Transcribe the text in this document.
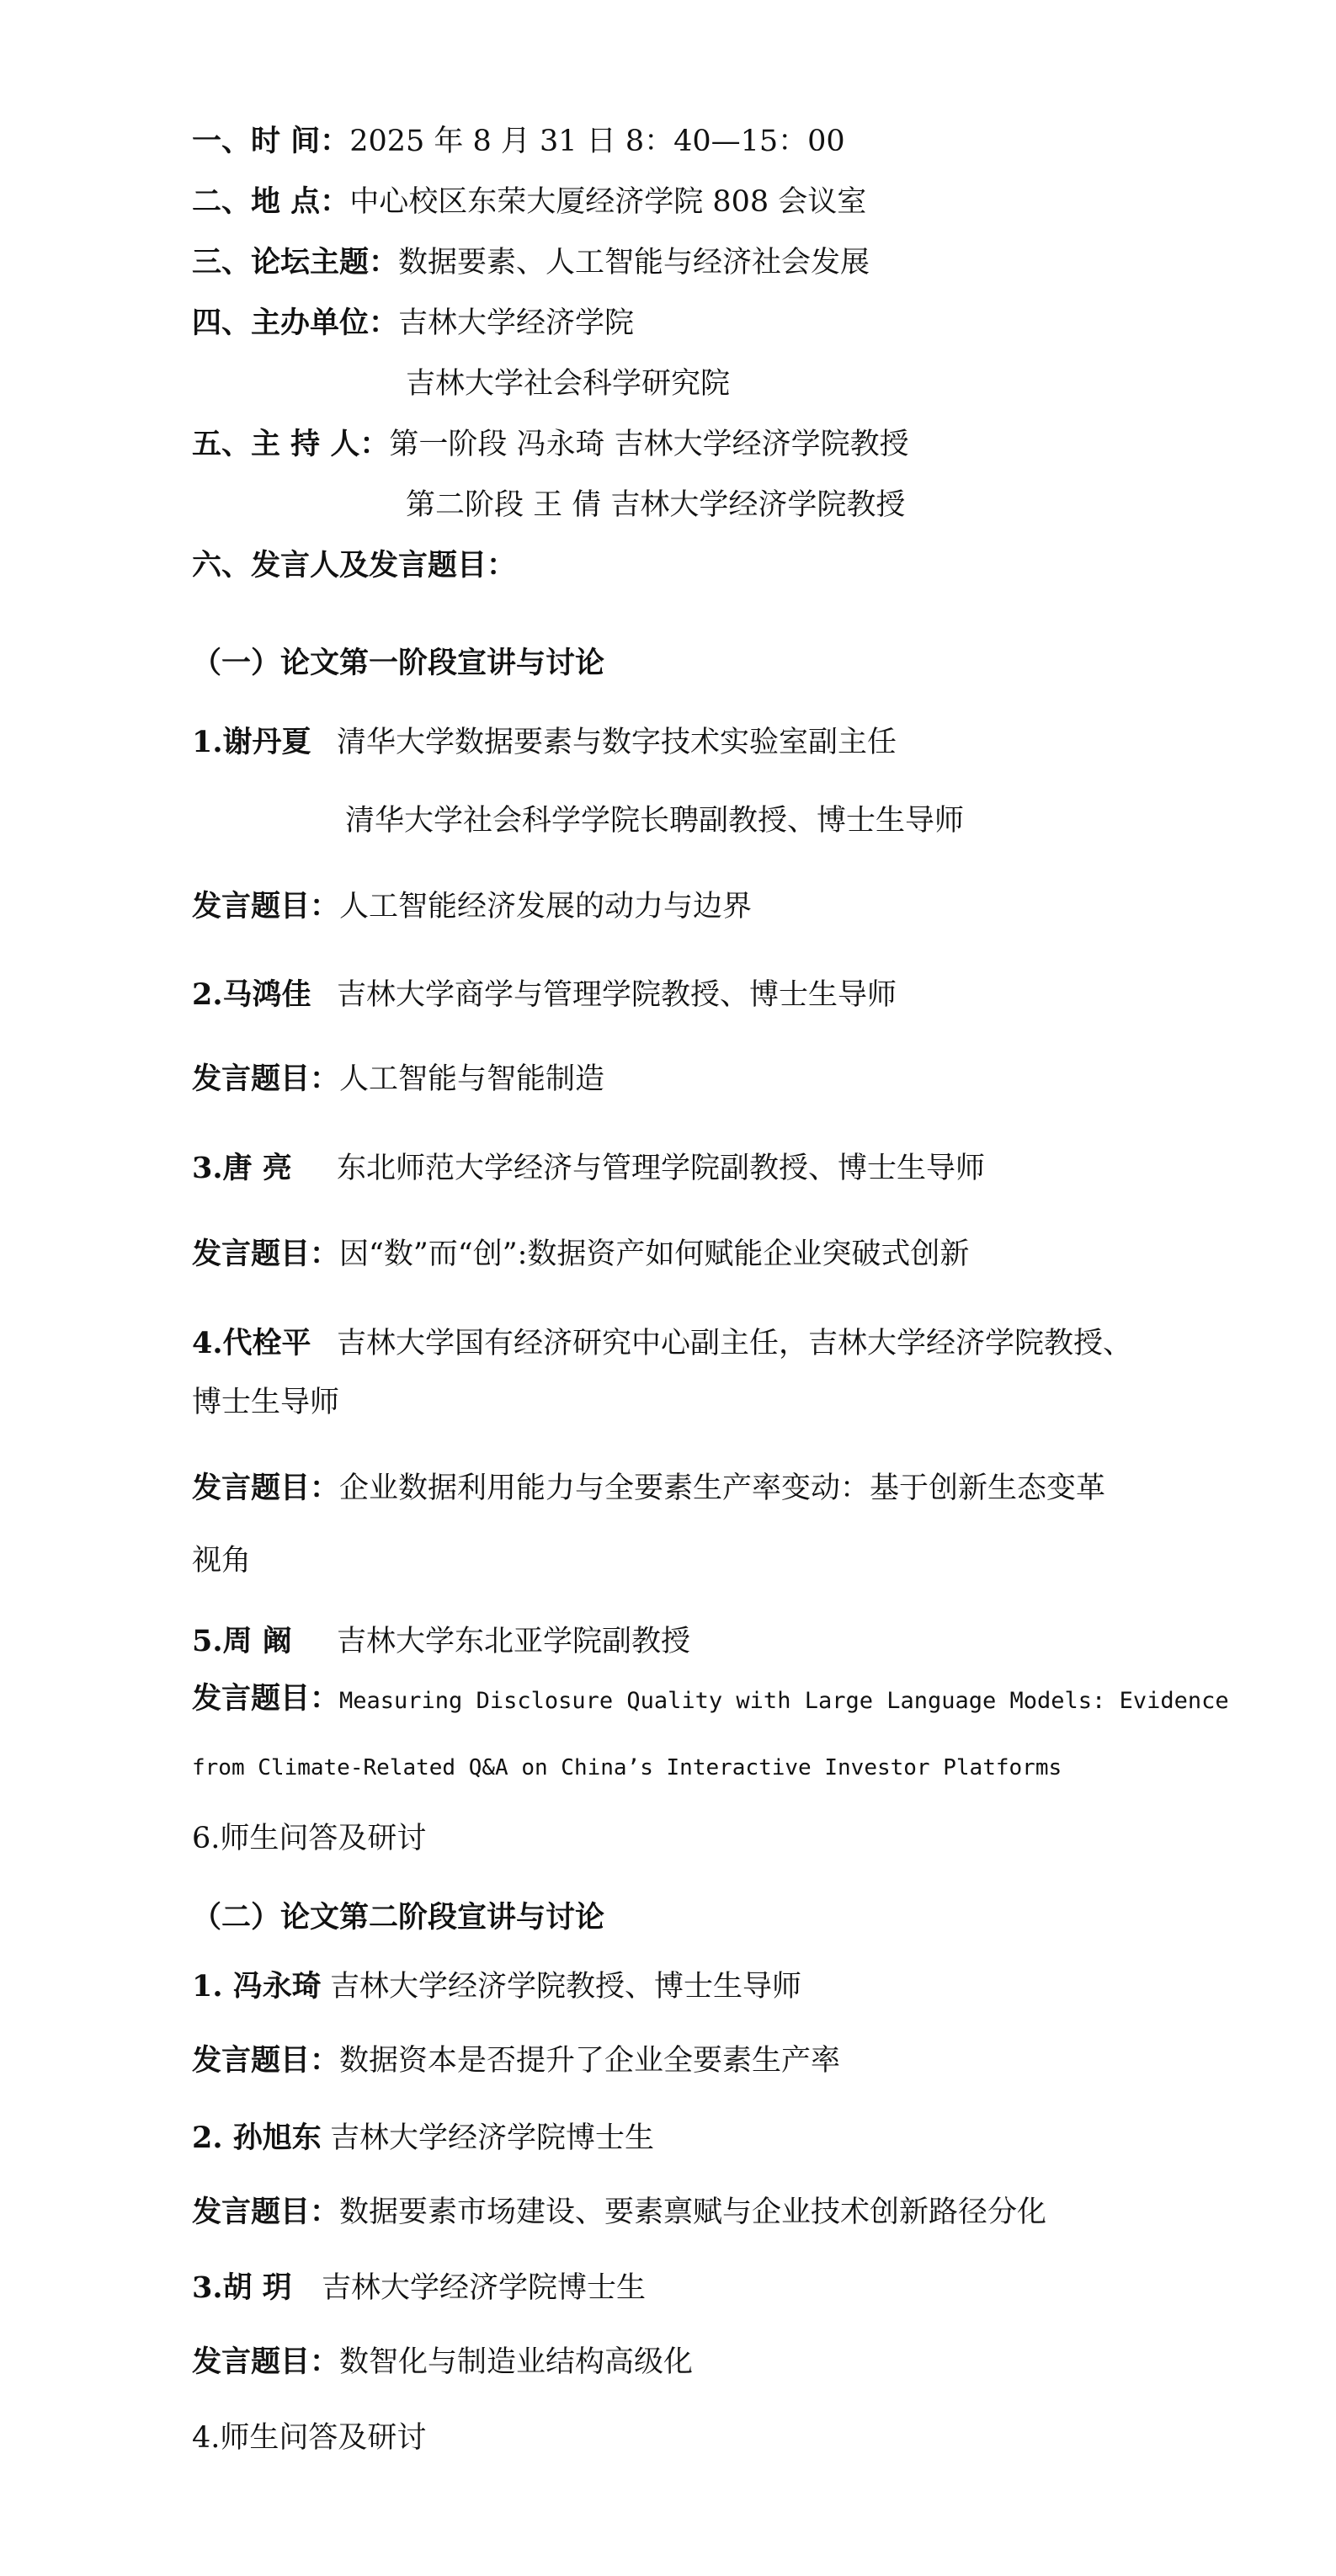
一、时 间：2025 年 8 月 31 日 8：40—15：00
二、地 点：中心校区东荣大厦经济学院 808 会议室
三、论坛主题：数据要素、人工智能与经济社会发展
四、主办单位：吉林大学经济学院
吉林大学社会科学研究院
五、主 持 人：第一阶段 冯永琦 吉林大学经济学院教授
第二阶段 王 倩 吉林大学经济学院教授
六、发言人及发言题目：
（一）论文第一阶段宣讲与讨论
1.谢丹夏 清华大学数据要素与数字技术实验室副主任
清华大学社会科学学院长聘副教授、博士生导师
发言题目：人工智能经济发展的动力与边界
2.马鸿佳 吉林大学商学与管理学院教授、博士生导师
发言题目：人工智能与智能制造
3.唐 亮 东北师范大学经济与管理学院副教授、博士生导师
发言题目：因“数”而“创”:数据资产如何赋能企业突破式创新
4.代栓平 吉林大学国有经济研究中心副主任，吉林大学经济学院教授、
博士生导师
发言题目：企业数据利用能力与全要素生产率变动：基于创新生态变革
视角
5.周 阚 吉林大学东北亚学院副教授
发言题目：Measuring Disclosure Quality with Large Language Models: Evidence
from Climate-Related Q&A on China’s Interactive Investor Platforms
6.师生问答及研讨
（二）论文第二阶段宣讲与讨论
1. 冯永琦 吉林大学经济学院教授、博士生导师
发言题目：数据资本是否提升了企业全要素生产率
2. 孙旭东 吉林大学经济学院博士生
发言题目：数据要素市场建设、要素禀赋与企业技术创新路径分化
3.胡 玥 吉林大学经济学院博士生
发言题目：数智化与制造业结构高级化
4.师生问答及研讨
